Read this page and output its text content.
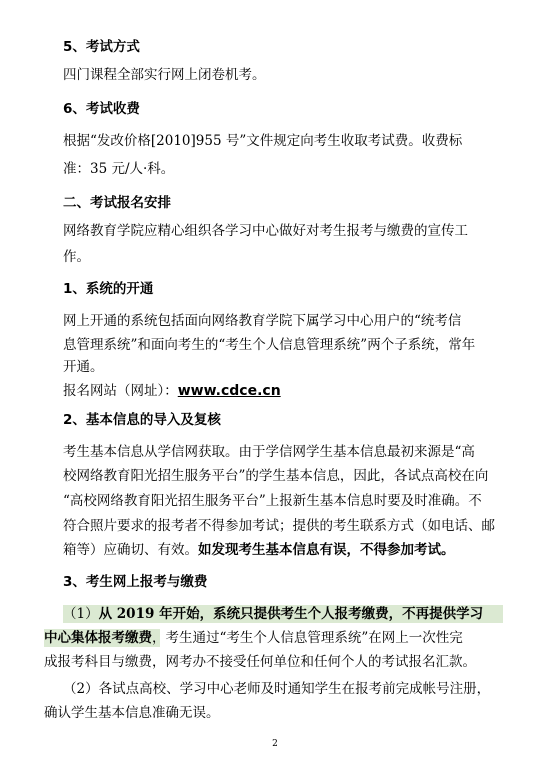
5、考试方式
四门课程全部实行网上闭卷机考。
6、考试收费
根据“发改价格[2010]955 号”文件规定向考生收取考试费。收费标
准：35 元/人·科。
二、考试报名安排
网络教育学院应精心组织各学习中心做好对考生报考与缴费的宣传工
作。
1、系统的开通
网上开通的系统包括面向网络教育学院下属学习中心用户的“统考信
息管理系统”和面向考生的“考生个人信息管理系统”两个子系统，常年
开通。
报名网站（网址）：www.cdce.cn
2、基本信息的导入及复核
考生基本信息从学信网获取。由于学信网学生基本信息最初来源是“高
校网络教育阳光招生服务平台”的学生基本信息，因此，各试点高校在向
“高校网络教育阳光招生服务平台”上报新生基本信息时要及时准确。不
符合照片要求的报考者不得参加考试；提供的考生联系方式（如电话、邮
箱等）应确切、有效。如发现考生基本信息有误，不得参加考试。
3、考生网上报考与缴费
（1）从 2019 年开始，系统只提供考生个人报考缴费，不再提供学习
中心集体报考缴费，考生通过“考生个人信息管理系统”在网上一次性完
成报考科目与缴费，网考办不接受任何单位和任何个人的考试报名汇款。
（2）各试点高校、学习中心老师及时通知学生在报考前完成帐号注册，
确认学生基本信息准确无误。
2
